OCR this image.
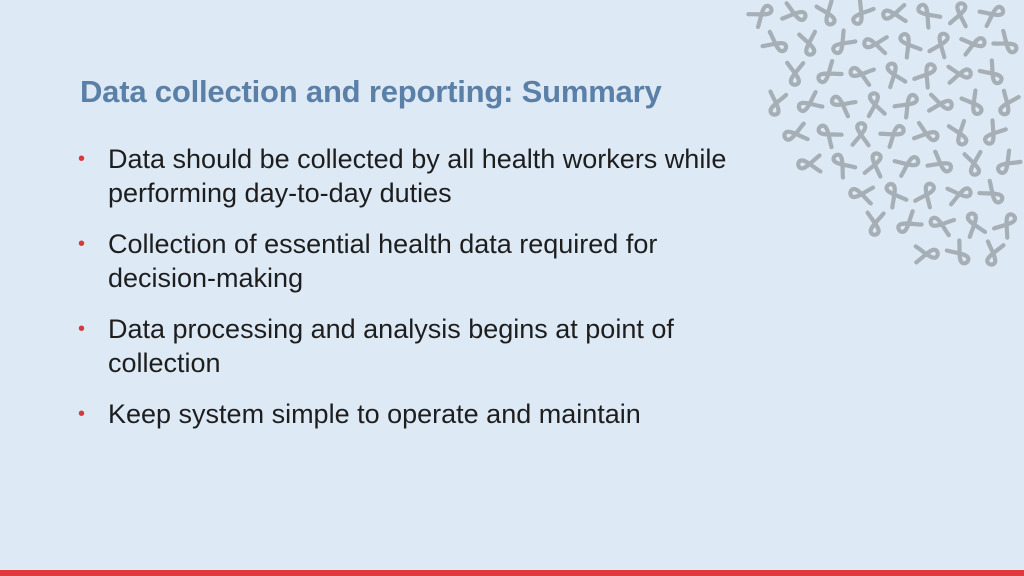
Data collection and reporting: Summary
• Data should be collected by all health workers while performing day-to-day duties
• Collection of essential health data required for decision-making
• Data processing and analysis begins at point of collection
• Keep system simple to operate and maintain
